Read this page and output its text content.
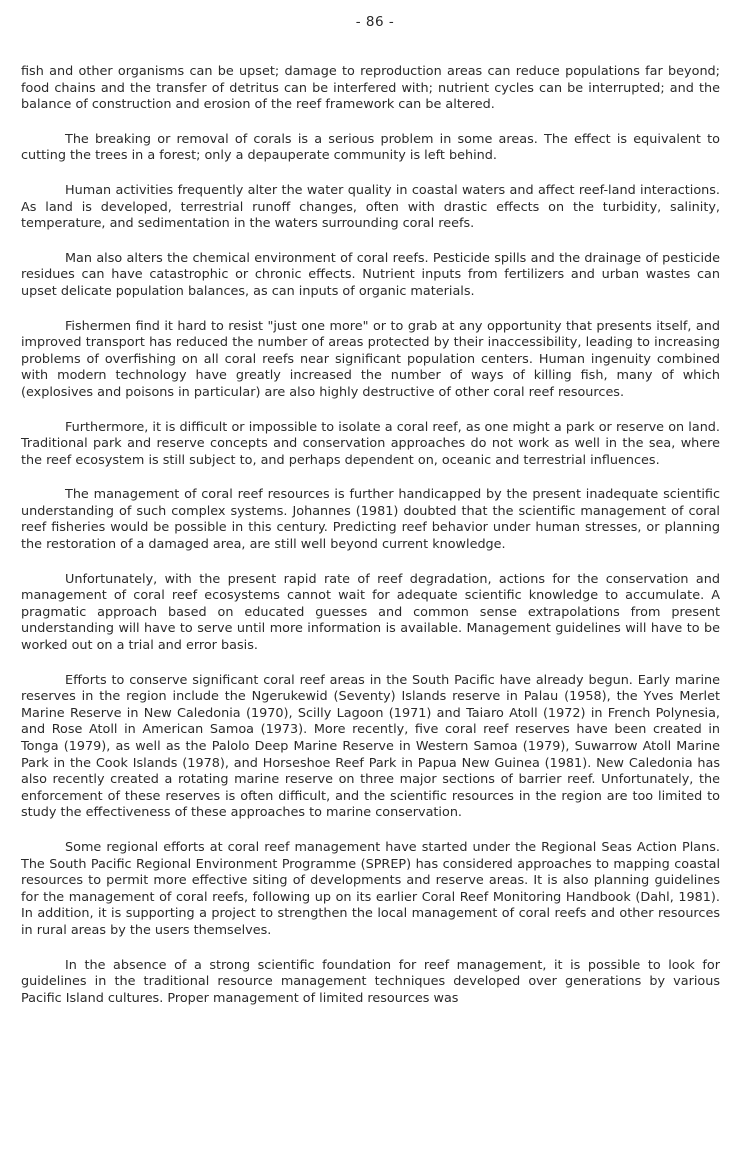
- 86 -

fish and other organisms can be upset; damage to reproduction areas can reduce populations far beyond; food chains and the transfer of detritus can be interfered with; nutrient cycles can be interrupted; and the balance of construction and erosion of the reef framework can be altered.

The breaking or removal of corals is a serious problem in some areas. The effect is equivalent to cutting the trees in a forest; only a depauperate community is left behind.

Human activities frequently alter the water quality in coastal waters and affect reef-land interactions. As land is developed, terrestrial runoff changes, often with drastic effects on the turbidity, salinity, temperature, and sedimentation in the waters surrounding coral reefs.

Man also alters the chemical environment of coral reefs. Pesticide spills and the drainage of pesticide residues can have catastrophic or chronic effects. Nutrient inputs from fertilizers and urban wastes can upset delicate population balances, as can inputs of organic materials.

Fishermen find it hard to resist "just one more" or to grab at any opportunity that presents itself, and improved transport has reduced the number of areas protected by their inaccessibility, leading to increasing problems of overfishing on all coral reefs near significant population centers. Human ingenuity combined with modern technology have greatly increased the number of ways of killing fish, many of which (explosives and poisons in particular) are also highly destructive of other coral reef resources.

Furthermore, it is difficult or impossible to isolate a coral reef, as one might a park or reserve on land. Traditional park and reserve concepts and conservation approaches do not work as well in the sea, where the reef ecosystem is still subject to, and perhaps dependent on, oceanic and terrestrial influences.

The management of coral reef resources is further handicapped by the present inadequate scientific understanding of such complex systems. Johannes (1981) doubted that the scientific management of coral reef fisheries would be possible in this century. Predicting reef behavior under human stresses, or planning the restoration of a damaged area, are still well beyond current knowledge.

Unfortunately, with the present rapid rate of reef degradation, actions for the conservation and management of coral reef ecosystems cannot wait for adequate scientific knowledge to accumulate. A pragmatic approach based on educated guesses and common sense extrapolations from present understanding will have to serve until more information is available. Management guidelines will have to be worked out on a trial and error basis.

Efforts to conserve significant coral reef areas in the South Pacific have already begun. Early marine reserves in the region include the Ngerukewid (Seventy) Islands reserve in Palau (1958), the Yves Merlet Marine Reserve in New Caledonia (1970), Scilly Lagoon (1971) and Taiaro Atoll (1972) in French Polynesia, and Rose Atoll in American Samoa (1973). More recently, five coral reef reserves have been created in Tonga (1979), as well as the Palolo Deep Marine Reserve in Western Samoa (1979), Suwarrow Atoll Marine Park in the Cook Islands (1978), and Horseshoe Reef Park in Papua New Guinea (1981). New Caledonia has also recently created a rotating marine reserve on three major sections of barrier reef. Unfortunately, the enforcement of these reserves is often difficult, and the scientific resources in the region are too limited to study the effectiveness of these approaches to marine conservation.

Some regional efforts at coral reef management have started under the Regional Seas Action Plans. The South Pacific Regional Environment Programme (SPREP) has considered approaches to mapping coastal resources to permit more effective siting of developments and reserve areas. It is also planning guidelines for the management of coral reefs, following up on its earlier Coral Reef Monitoring Handbook (Dahl, 1981). In addition, it is supporting a project to strengthen the local management of coral reefs and other resources in rural areas by the users themselves.

In the absence of a strong scientific foundation for reef management, it is possible to look for guidelines in the traditional resource management techniques developed over generations by various Pacific Island cultures. Proper management of limited resources was
